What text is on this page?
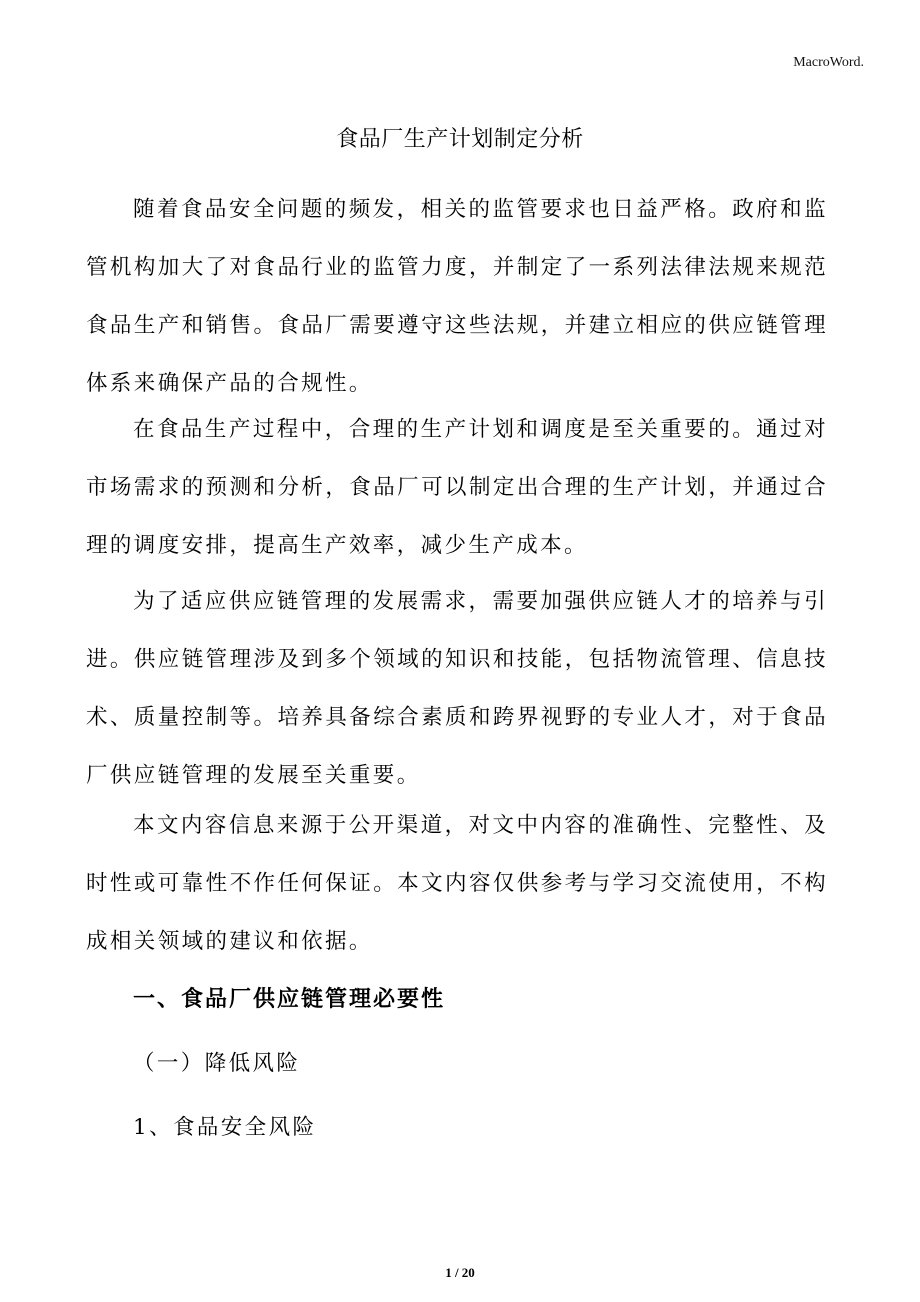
MacroWord.
食品厂生产计划制定分析

随着食品安全问题的频发，相关的监管要求也日益严格。政府和监管机构加大了对食品行业的监管力度，并制定了一系列法律法规来规范食品生产和销售。食品厂需要遵守这些法规，并建立相应的供应链管理体系来确保产品的合规性。

在食品生产过程中，合理的生产计划和调度是至关重要的。通过对市场需求的预测和分析，食品厂可以制定出合理的生产计划，并通过合理的调度安排，提高生产效率，减少生产成本。

为了适应供应链管理的发展需求，需要加强供应链人才的培养与引进。供应链管理涉及到多个领域的知识和技能，包括物流管理、信息技术、质量控制等。培养具备综合素质和跨界视野的专业人才，对于食品厂供应链管理的发展至关重要。

本文内容信息来源于公开渠道，对文中内容的准确性、完整性、及时性或可靠性不作任何保证。本文内容仅供参考与学习交流使用，不构成相关领域的建议和依据。

一、食品厂供应链管理必要性
（一）降低风险
1、食品安全风险
1 / 20
